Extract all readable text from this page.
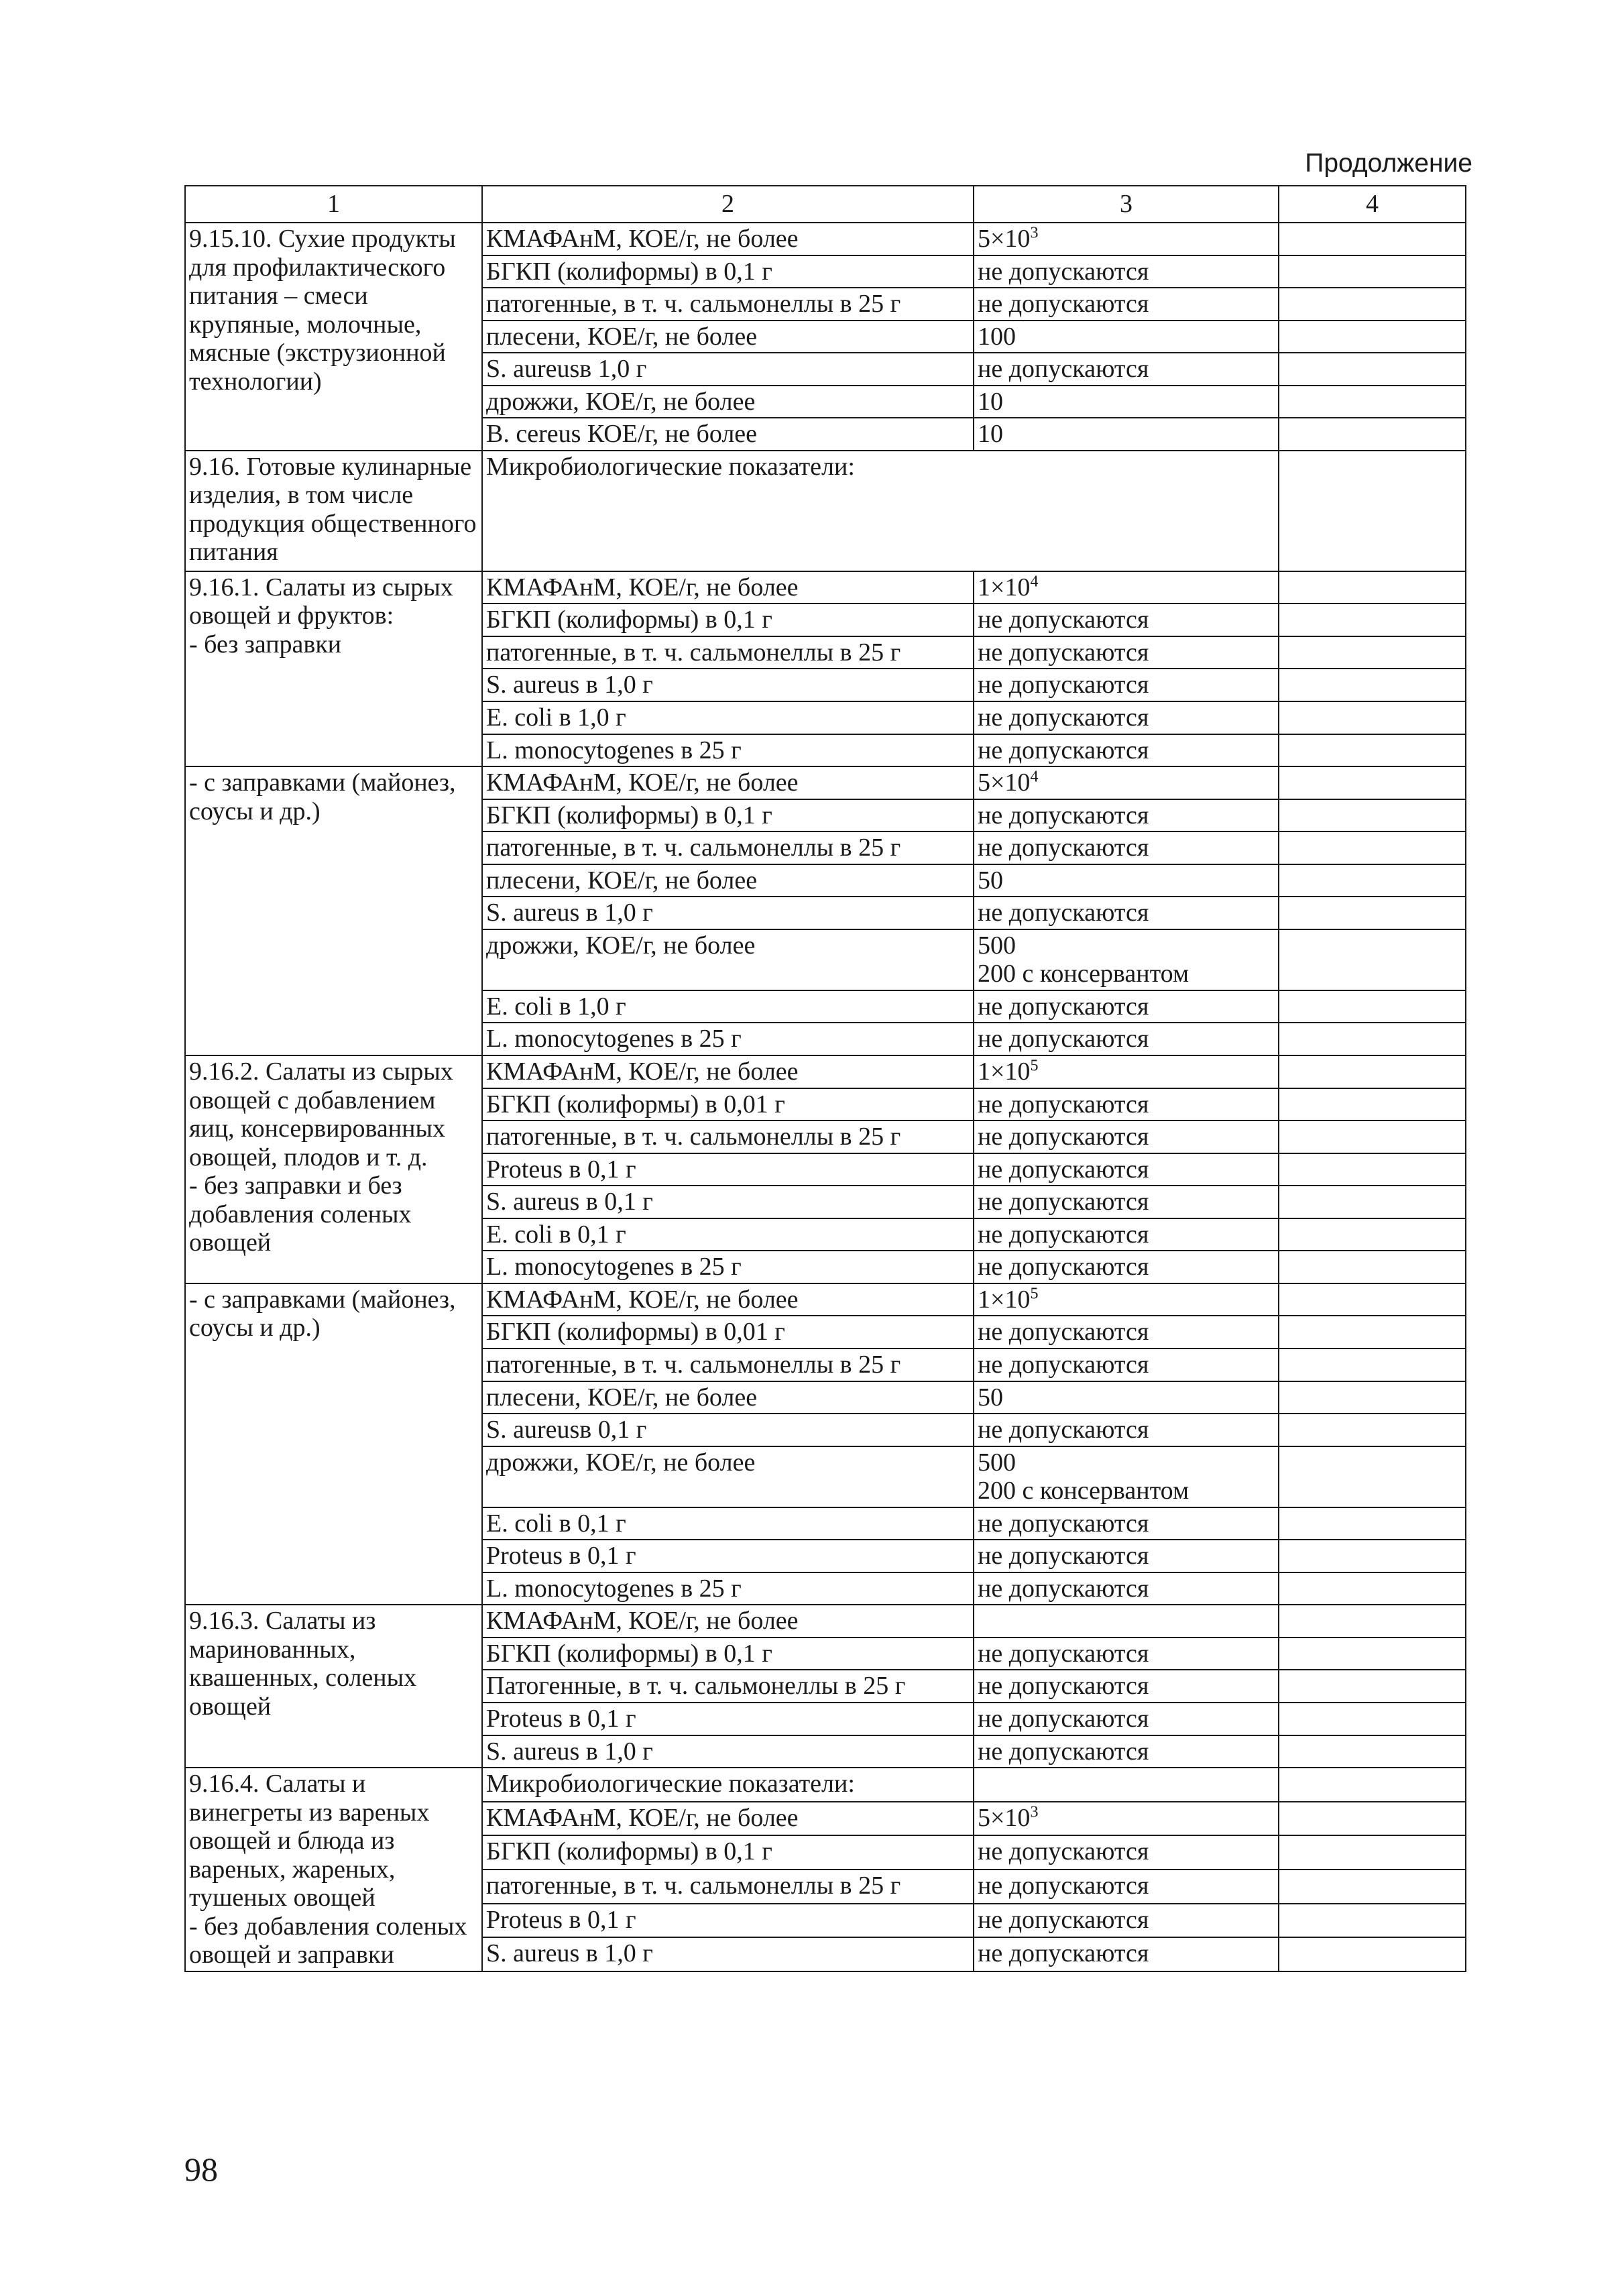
Продолжение
1	2	3	4
9.15.10. Сухие продукты для профилактического питания – смеси крупяные, молочные, мясные (экструзионной технологии)	КМАФАнМ, КОЕ/г, не более	$5\times 10^3$	
	БГКП (колиформы) в 0,1 г	не допускаются	
	патогенные, в т. ч. сальмонеллы в 25 г	не допускаются	
	плесени, КОЕ/г, не более	100	
	S. aureusв 1,0 г	не допускаются	
	дрожжи, КОЕ/г, не более	10	
	B. cereus КОЕ/г, не более	10	
9.16. Готовые кулинарные изделия, в том числе продукция общественного питания	Микробиологические показатели:		
9.16.1. Салаты из сырых овощей и фруктов:
- без заправки	КМАФАнМ, КОЕ/г, не более	$1\times 10^4$	
	БГКП (колиформы) в 0,1 г	не допускаются	
	патогенные, в т. ч. сальмонеллы в 25 г	не допускаются	
	S. aureus в 1,0 г	не допускаются	
	E. coli в 1,0 г	не допускаются	
	L. monocytogenes в 25 г	не допускаются	
- с заправками (майонез, соусы и др.)	КМАФАнМ, КОЕ/г, не более	$5\times 10^4$	
	БГКП (колиформы) в 0,1 г	не допускаются	
	патогенные, в т. ч. сальмонеллы в 25 г	не допускаются	
	плесени, КОЕ/г, не более	50	
	S. aureus в 1,0 г	не допускаются	
	дрожжи, КОЕ/г, не более	500
200 с консервантом	
	E. coli в 1,0 г	не допускаются	
	L. monocytogenes в 25 г	не допускаются	
9.16.2. Салаты из сырых овощей с добавлением яиц, консервированных овощей, плодов и т. д.
- без заправки и без добавления соленых овощей	КМАФАнМ, КОЕ/г, не более	$1\times 10^5$	
	БГКП (колиформы) в 0,01 г	не допускаются	
	патогенные, в т. ч. сальмонеллы в 25 г	не допускаются	
	Proteus в 0,1 г	не допускаются	
	S. aureus в 0,1 г	не допускаются	
	E. coli в 0,1 г	не допускаются	
	L. monocytogenes в 25 г	не допускаются	
- с заправками (майонез, соусы и др.)	КМАФАнМ, КОЕ/г, не более	$1\times 10^5$	
	БГКП (колиформы) в 0,01 г	не допускаются	
	патогенные, в т. ч. сальмонеллы в 25 г	не допускаются	
	плесени, КОЕ/г, не более	50	
	S. aureusв 0,1 г	не допускаются	
	дрожжи, КОЕ/г, не более	500
200 с консервантом	
	E. coli в 0,1 г	не допускаются	
	Proteus в 0,1 г	не допускаются	
	L. monocytogenes в 25 г	не допускаются	
9.16.3. Салаты из маринованных, квашенных, соленых овощей	КМАФАнМ, КОЕ/г, не более		
	БГКП (колиформы) в 0,1 г	не допускаются	
	Патогенные, в т. ч. сальмонеллы в 25 г	не допускаются	
	Proteus в 0,1 г	не допускаются	
	S. aureus в 1,0 г	не допускаются	
9.16.4. Салаты и винегреты из вареных овощей и блюда из вареных, жареных, тушеных овощей
- без добавления соленых овощей и заправки	Микробиологические показатели:		
	КМАФАнМ, КОЕ/г, не более	$5\times 10^3$	
	БГКП (колиформы) в 0,1 г	не допускаются	
	патогенные, в т. ч. сальмонеллы в 25 г	не допускаются	
	Proteus в 0,1 г	не допускаются	
	S. aureus в 1,0 г	не допускаются	
98
